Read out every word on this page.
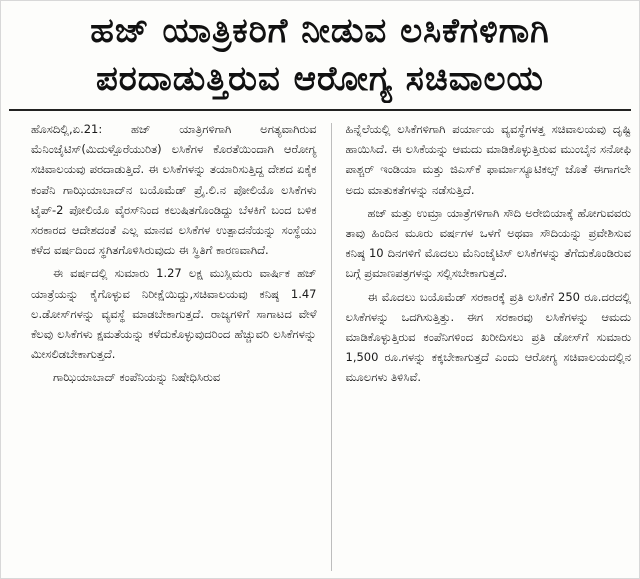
ಹಜ್ ಯಾತ್ರಿಕರಿಗೆ ನೀಡುವ ಲಸಿಕೆಗಳಿಗಾಗಿ
ಪರದಾಡುತ್ತಿರುವ ಆರೋಗ್ಯ ಸಚಿವಾಲಯ

ಹೊಸದಿಲ್ಲಿ,ಏ.21: ಹಜ್ ಯಾತ್ರಿಗಳಿಗಾಗಿ ಅಗತ್ಯವಾಗಿರುವ ಮೆನಿಂಜೈಟಿಸ್(ಮಿದುಳ್ಪೊರೆಯುರಿತ) ಲಸಿಕೆಗಳ ಕೊರತೆಯಿಂದಾಗಿ ಆರೋಗ್ಯ ಸಚಿವಾಲಯವು ಪರದಾಡುತ್ತಿದೆ. ಈ ಲಸಿಕೆಗಳನ್ನು ತಯಾರಿಸುತ್ತಿದ್ದ ದೇಶದ ಏಕೈಕ ಕಂಪೆನಿ ಗಾಝಿಯಾಬಾದ್‌ನ ಬಯೊಮೆಡ್ ಪ್ರೈ.ಲಿ.ನ ಪೋಲಿಯೊ ಲಸಿಕೆಗಳು ಟೈಪ್-2 ಪೋಲಿಯೊ ವೈರಸ್‌ನಿಂದ ಕಲುಷಿತಗೊಂಡಿದ್ದು ಬೆಳಕಿಗೆ ಬಂದ ಬಳಿಕ ಸರಕಾರದ ಆದೇಶದಂತೆ ಎಲ್ಲ ಮಾನವ ಲಸಿಕೆಗಳ ಉತ್ಪಾದನೆಯನ್ನು ಸಂಸ್ಥೆಯು ಕಳೆದ ವರ್ಷದಿಂದ ಸ್ಥಗಿತಗೊಳಿಸಿರುವುದು ಈ ಸ್ಥಿತಿಗೆ ಕಾರಣವಾಗಿದೆ.

ಈ ವರ್ಷದಲ್ಲಿ ಸುಮಾರು 1.27 ಲಕ್ಷ ಮುಸ್ಲಿಮರು ವಾರ್ಷಿಕ ಹಜ್ ಯಾತ್ರೆಯನ್ನು ಕೈಗೊಳ್ಳುವ ನಿರೀಕ್ಷೆಯಿದ್ದು,ಸಚಿವಾಲಯವು ಕನಿಷ್ಠ 1.47 ಲ.ಡೋಸ್‌ಗಳನ್ನು ವ್ಯವಸ್ಥೆ ಮಾಡಬೇಕಾಗುತ್ತದೆ. ರಾಜ್ಯಗಳಿಗೆ ಸಾಗಾಟದ ವೇಳೆ ಕೆಲವು ಲಸಿಕೆಗಳು ಕ್ಷಮತೆಯನ್ನು ಕಳೆದುಕೊಳ್ಳುವುದರಿಂದ ಹೆಚ್ಚುವರಿ ಲಸಿಕೆಗಳನ್ನು ಮೀಸಲಿಡಬೇಕಾಗುತ್ತದೆ.

ಗಾಝಿಯಾಬಾದ್ ಕಂಪೆನಿಯನ್ನು ನಿಷೇಧಿಸಿರುವ

ಹಿನ್ನೆಲೆಯಲ್ಲಿ ಲಸಿಕೆಗಳಿಗಾಗಿ ಪರ್ಯಾಯ ವ್ಯವಸ್ಥೆಗಳತ್ತ ಸಚಿವಾಲಯವು ದೃಷ್ಟಿ ಹಾಯಿಸಿದೆ. ಈ ಲಸಿಕೆಯನ್ನು ಆಮದು ಮಾಡಿಕೊಳ್ಳುತ್ತಿರುವ ಮುಂಬೈನ ಸನೋಫಿ ಪಾಶ್ಚರ್ ಇಂಡಿಯಾ ಮತ್ತು ಜಿಎಸ್‌ಕೆ ಫಾರ್ಮಾಸ್ಯೂಟಿಕಲ್ಸ್ ಜೊತೆ ಈಗಾಗಲೇ ಅದು ಮಾತುಕತೆಗಳನ್ನು ನಡೆಸುತ್ತಿದೆ.

ಹಜ್ ಮತ್ತು ಉಮ್ರಾ ಯಾತ್ರೆಗಳಿಗಾಗಿ ಸೌದಿ ಅರೇಬಿಯಾಕ್ಕೆ ಹೋಗುವವರು ತಾವು ಹಿಂದಿನ ಮೂರು ವರ್ಷಗಳ ಒಳಗೆ ಅಥವಾ ಸೌದಿಯನ್ನು ಪ್ರವೇಶಿಸುವ ಕನಿಷ್ಠ 10 ದಿನಗಳಿಗೆ ಮೊದಲು ಮೆನಿಂಜೈಟಿಸ್ ಲಸಿಕೆಗಳನ್ನು ತೆಗೆದುಕೊಂಡಿರುವ ಬಗ್ಗೆ ಪ್ರಮಾಣಪತ್ರಗಳನ್ನು ಸಲ್ಲಿಸಬೇಕಾಗುತ್ತದೆ.

ಈ ಮೊದಲು ಬಯೊಮೆಡ್ ಸರಕಾರಕ್ಕೆ ಪ್ರತಿ ಲಸಿಕೆಗೆ 250 ರೂ.ದರದಲ್ಲಿ ಲಸಿಕೆಗಳನ್ನು ಒದಗಿಸುತ್ತಿತ್ತು. ಈಗ ಸರಕಾರವು ಲಸಿಕೆಗಳನ್ನು ಆಮದು ಮಾಡಿಕೊಳ್ಳುತ್ತಿರುವ ಕಂಪೆನಿಗಳಿಂದ ಖರೀದಿಸಲು ಪ್ರತಿ ಡೋಸ್‌ಗೆ ಸುಮಾರು 1,500 ರೂ.ಗಳನ್ನು ಕಕ್ಕಬೇಕಾಗುತ್ತದೆ ಎಂದು ಆರೋಗ್ಯ ಸಚಿವಾಲಯದಲ್ಲಿನ ಮೂಲಗಳು ತಿಳಿಸಿವೆ.
